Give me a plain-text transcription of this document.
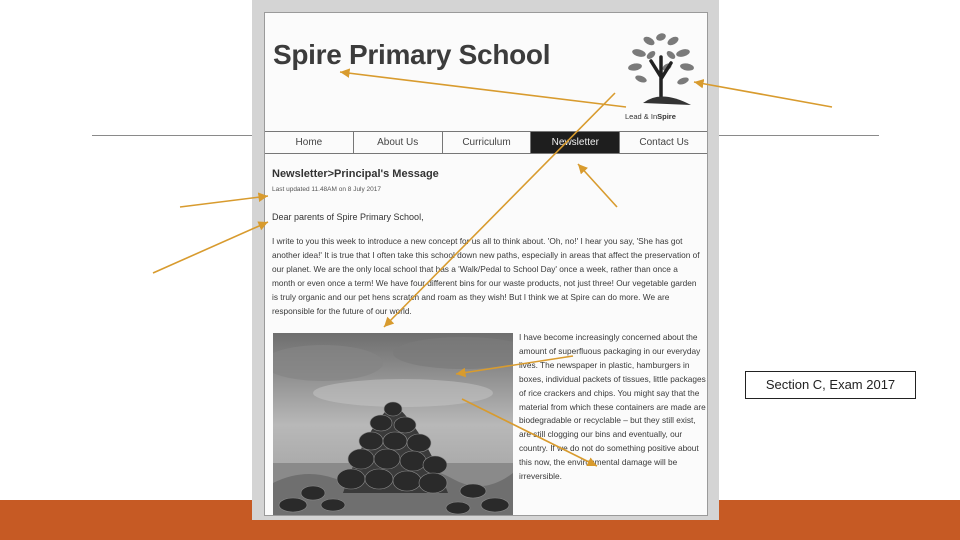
Spire Primary School
Lead & InSpire
Home	About Us	Curriculum	Newsletter	Contact Us
Newsletter>Principal's Message
Last updated 11.48AM on 8 July 2017
Dear parents of Spire Primary School,

I write to you this week to introduce a new concept for us all to think about. 'Oh, no!' I hear you say, 'She has got another idea!' It is true that I often take this school down new paths, especially in areas that affect the preservation of our planet. We are the only local school that has a 'Walk/Pedal to School Day' once a week, rather than once a month or even once a term! We have four different bins for our waste products, not just three! Our vegetable garden is truly organic and our pet hens scratch and roam as they wish! But I think we at Spire can do more. We are responsible for the future of our world.

I have become increasingly concerned about the amount of superfluous packaging in our everyday lives. The newspaper in plastic, hamburgers in boxes, individual packets of tissues, little packages of rice crackers and chips. You might say that the material from which these containers are made are biodegradable or recyclable – but they still exist, are still clogging our bins and eventually, our country. If we do not do something positive about this now, the environmental damage will be irreversible.

Section C, Exam 2017
